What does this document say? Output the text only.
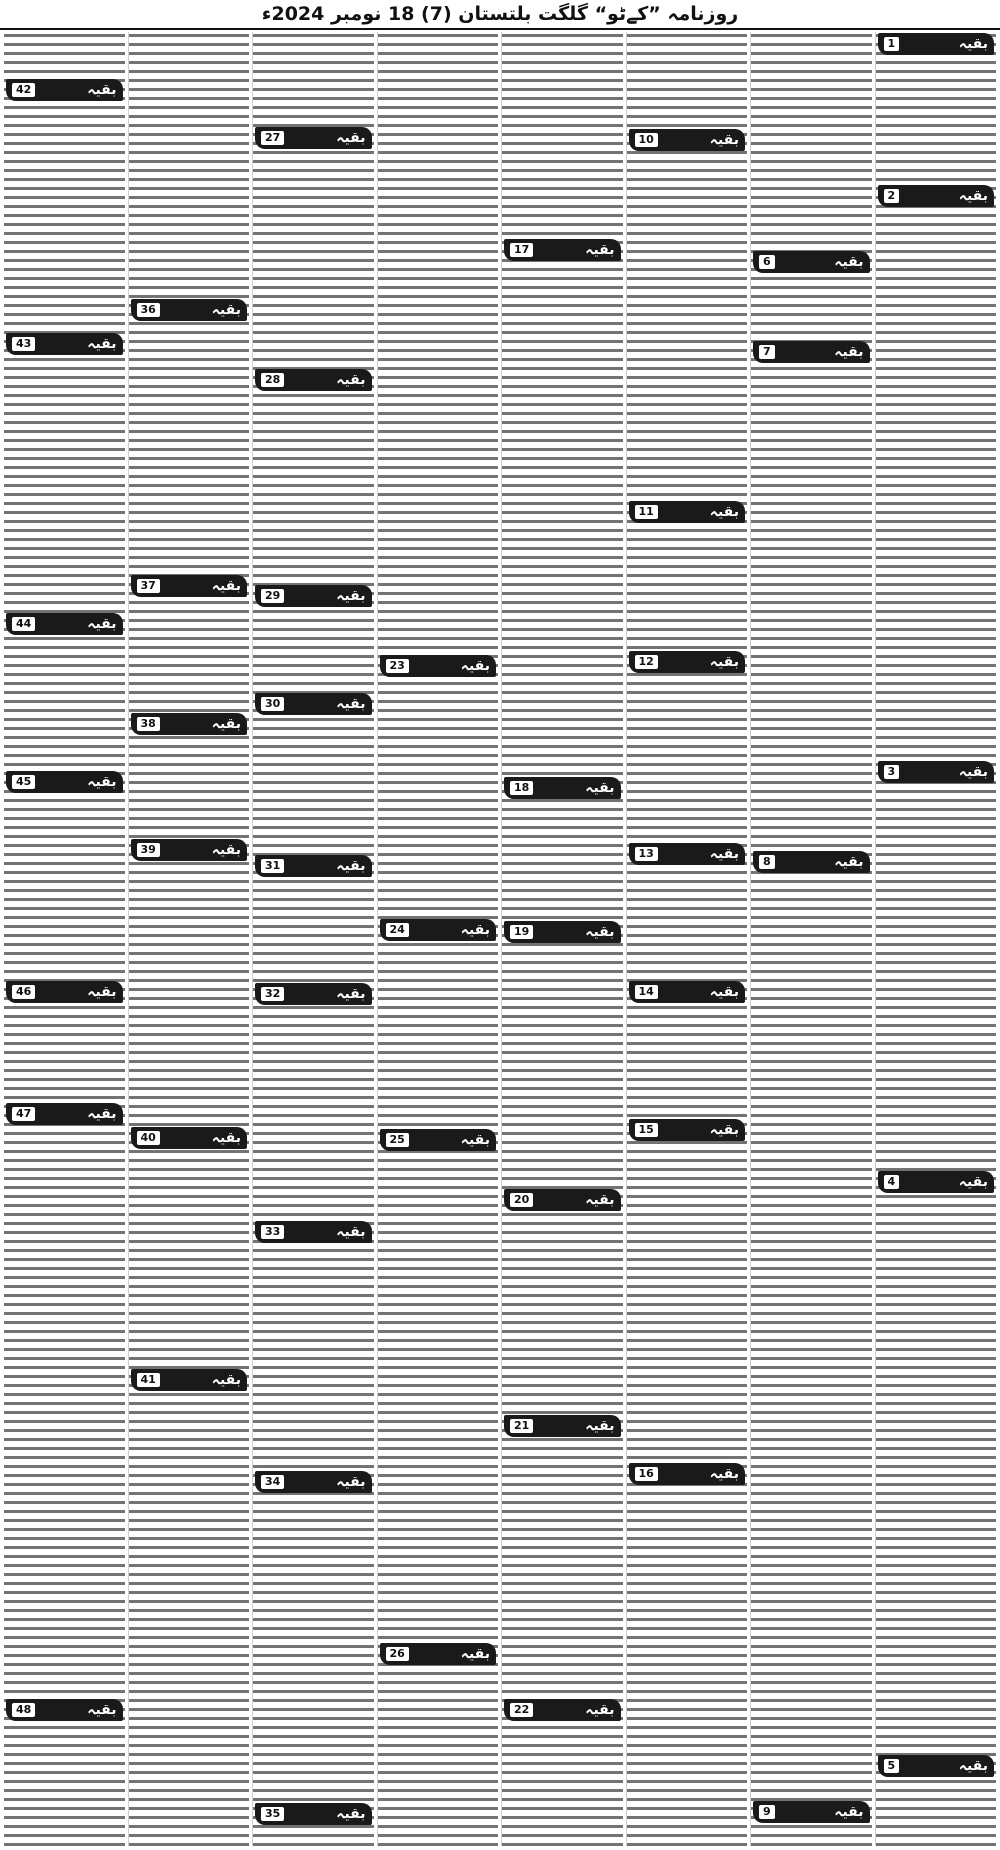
روزنامہ ”کےٹو“ گلگت بلتستان (7) 18 نومبر 2024ء
بقیہ
1
بقیہ
2
بقیہ
3
بقیہ
4
بقیہ
5
بقیہ
6
بقیہ
7
بقیہ
8
بقیہ
9
بقیہ
10
بقیہ
11
بقیہ
12
بقیہ
13
بقیہ
14
بقیہ
15
بقیہ
16
بقیہ
17
بقیہ
18
بقیہ
19
بقیہ
20
بقیہ
21
بقیہ
22
بقیہ
23
بقیہ
24
بقیہ
25
بقیہ
26
بقیہ
27
بقیہ
28
بقیہ
29
بقیہ
30
بقیہ
31
بقیہ
32
بقیہ
33
بقیہ
34
بقیہ
35
بقیہ
36
بقیہ
37
بقیہ
38
بقیہ
39
بقیہ
40
بقیہ
41
بقیہ
42
بقیہ
43
بقیہ
44
بقیہ
45
بقیہ
46
بقیہ
47
بقیہ
48
